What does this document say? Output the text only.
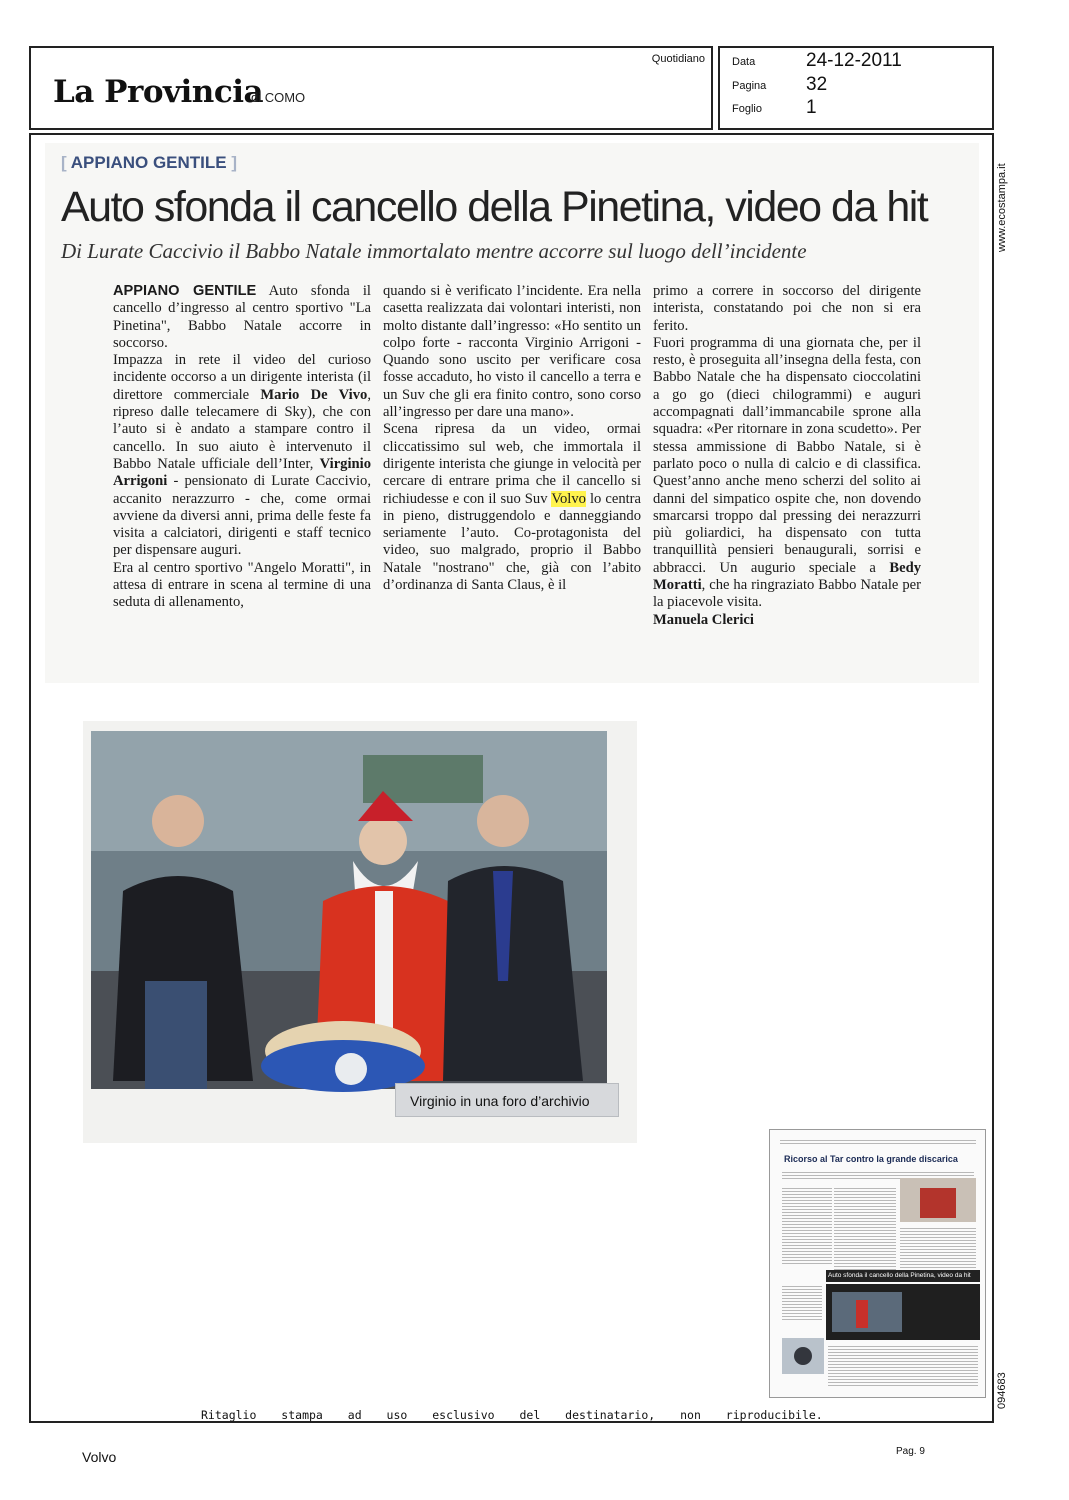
La Provincia
di COMO
Quotidiano Data	24-12-2011
Pagina 32
Foglio 1
[ APPIANO GENTILE ]
Auto sfonda il cancello della Pinetina, video da hit
Di Lurate Caccivio il Babbo Natale immortalato mentre accorre sul luogo dell’incidente

APPIANO GENTILE Auto sfonda il cancello d’ingresso al centro sportivo "La Pinetina", Babbo Natale accorre in soccorso.

Impazza in rete il video del curioso incidente occorso a un dirigente interista (il direttore commerciale Mario De Vivo, ripreso dalle telecamere di Sky), che con l’auto si è andato a stampare contro il cancello. In suo aiuto è intervenuto il Babbo Natale ufficiale dell’Inter, Virginio Arrigoni - pensionato di Lurate Caccivio, accanito nerazzurro - che, come ormai avviene da diversi anni, prima delle feste fa visita a calciatori, dirigenti e staff tecnico per dispensare auguri.

Era al centro sportivo "Angelo Moratti", in attesa di entrare in scena al termine di una seduta di allenamento,

quando si è verificato l’incidente. Era nella casetta realizzata dai volontari interisti, non molto distante dall’ingresso: «Ho sentito un colpo forte - racconta Virginio Arrigoni - Quando sono uscito per verificare cosa fosse accaduto, ho visto il cancello a terra e un Suv che gli era finito contro, sono corso all’ingresso per dare una mano».

Scena ripresa da un video, ormai cliccatissimo sul web, che immortala il dirigente interista che giunge in velocità per cercare di entrare prima che il cancello si richiudesse e con il suo Suv Volvo lo centra in pieno, distruggendolo e danneggiando seriamente l’auto. Co-protagonista del video, suo malgrado, proprio il Babbo Natale "nostrano" che, già con l’abito d’ordinanza di Santa Claus, è il

primo a correre in soccorso del dirigente interista, constatando poi che non si era ferito.

Fuori programma di una giornata che, per il resto, è proseguita all’insegna della festa, con Babbo Natale che ha dispensato cioccolatini a go go (dieci chilogrammi) e auguri accompagnati dall’immancabile sprone alla squadra: «Per ritornare in zona scudetto». Per stessa ammissione di Babbo Natale, si è parlato poco o nulla di calcio e di classifica. Quest’anno anche meno scherzi del solito ai danni del simpatico ospite che, non dovendo smarcarsi troppo dal pressing dei nerazzurri più goliardici, ha dispensato con tutta tranquillità pensieri benaugurali, sorrisi e abbracci. Un augurio speciale a Bedy Moratti, che ha ringraziato Babbo Natale per la piacevole visita.

Manuela Clerici

Virginio in una foro d’archivio
Ricorso al Tar contro la grande discarica
Auto sfonda il cancello della Pinetina, video da hit
Ritaglio stampa ad uso esclusivo del destinatario, non riproducibile.
www.ecostampa.it
094683
Volvo	Pag. 9
